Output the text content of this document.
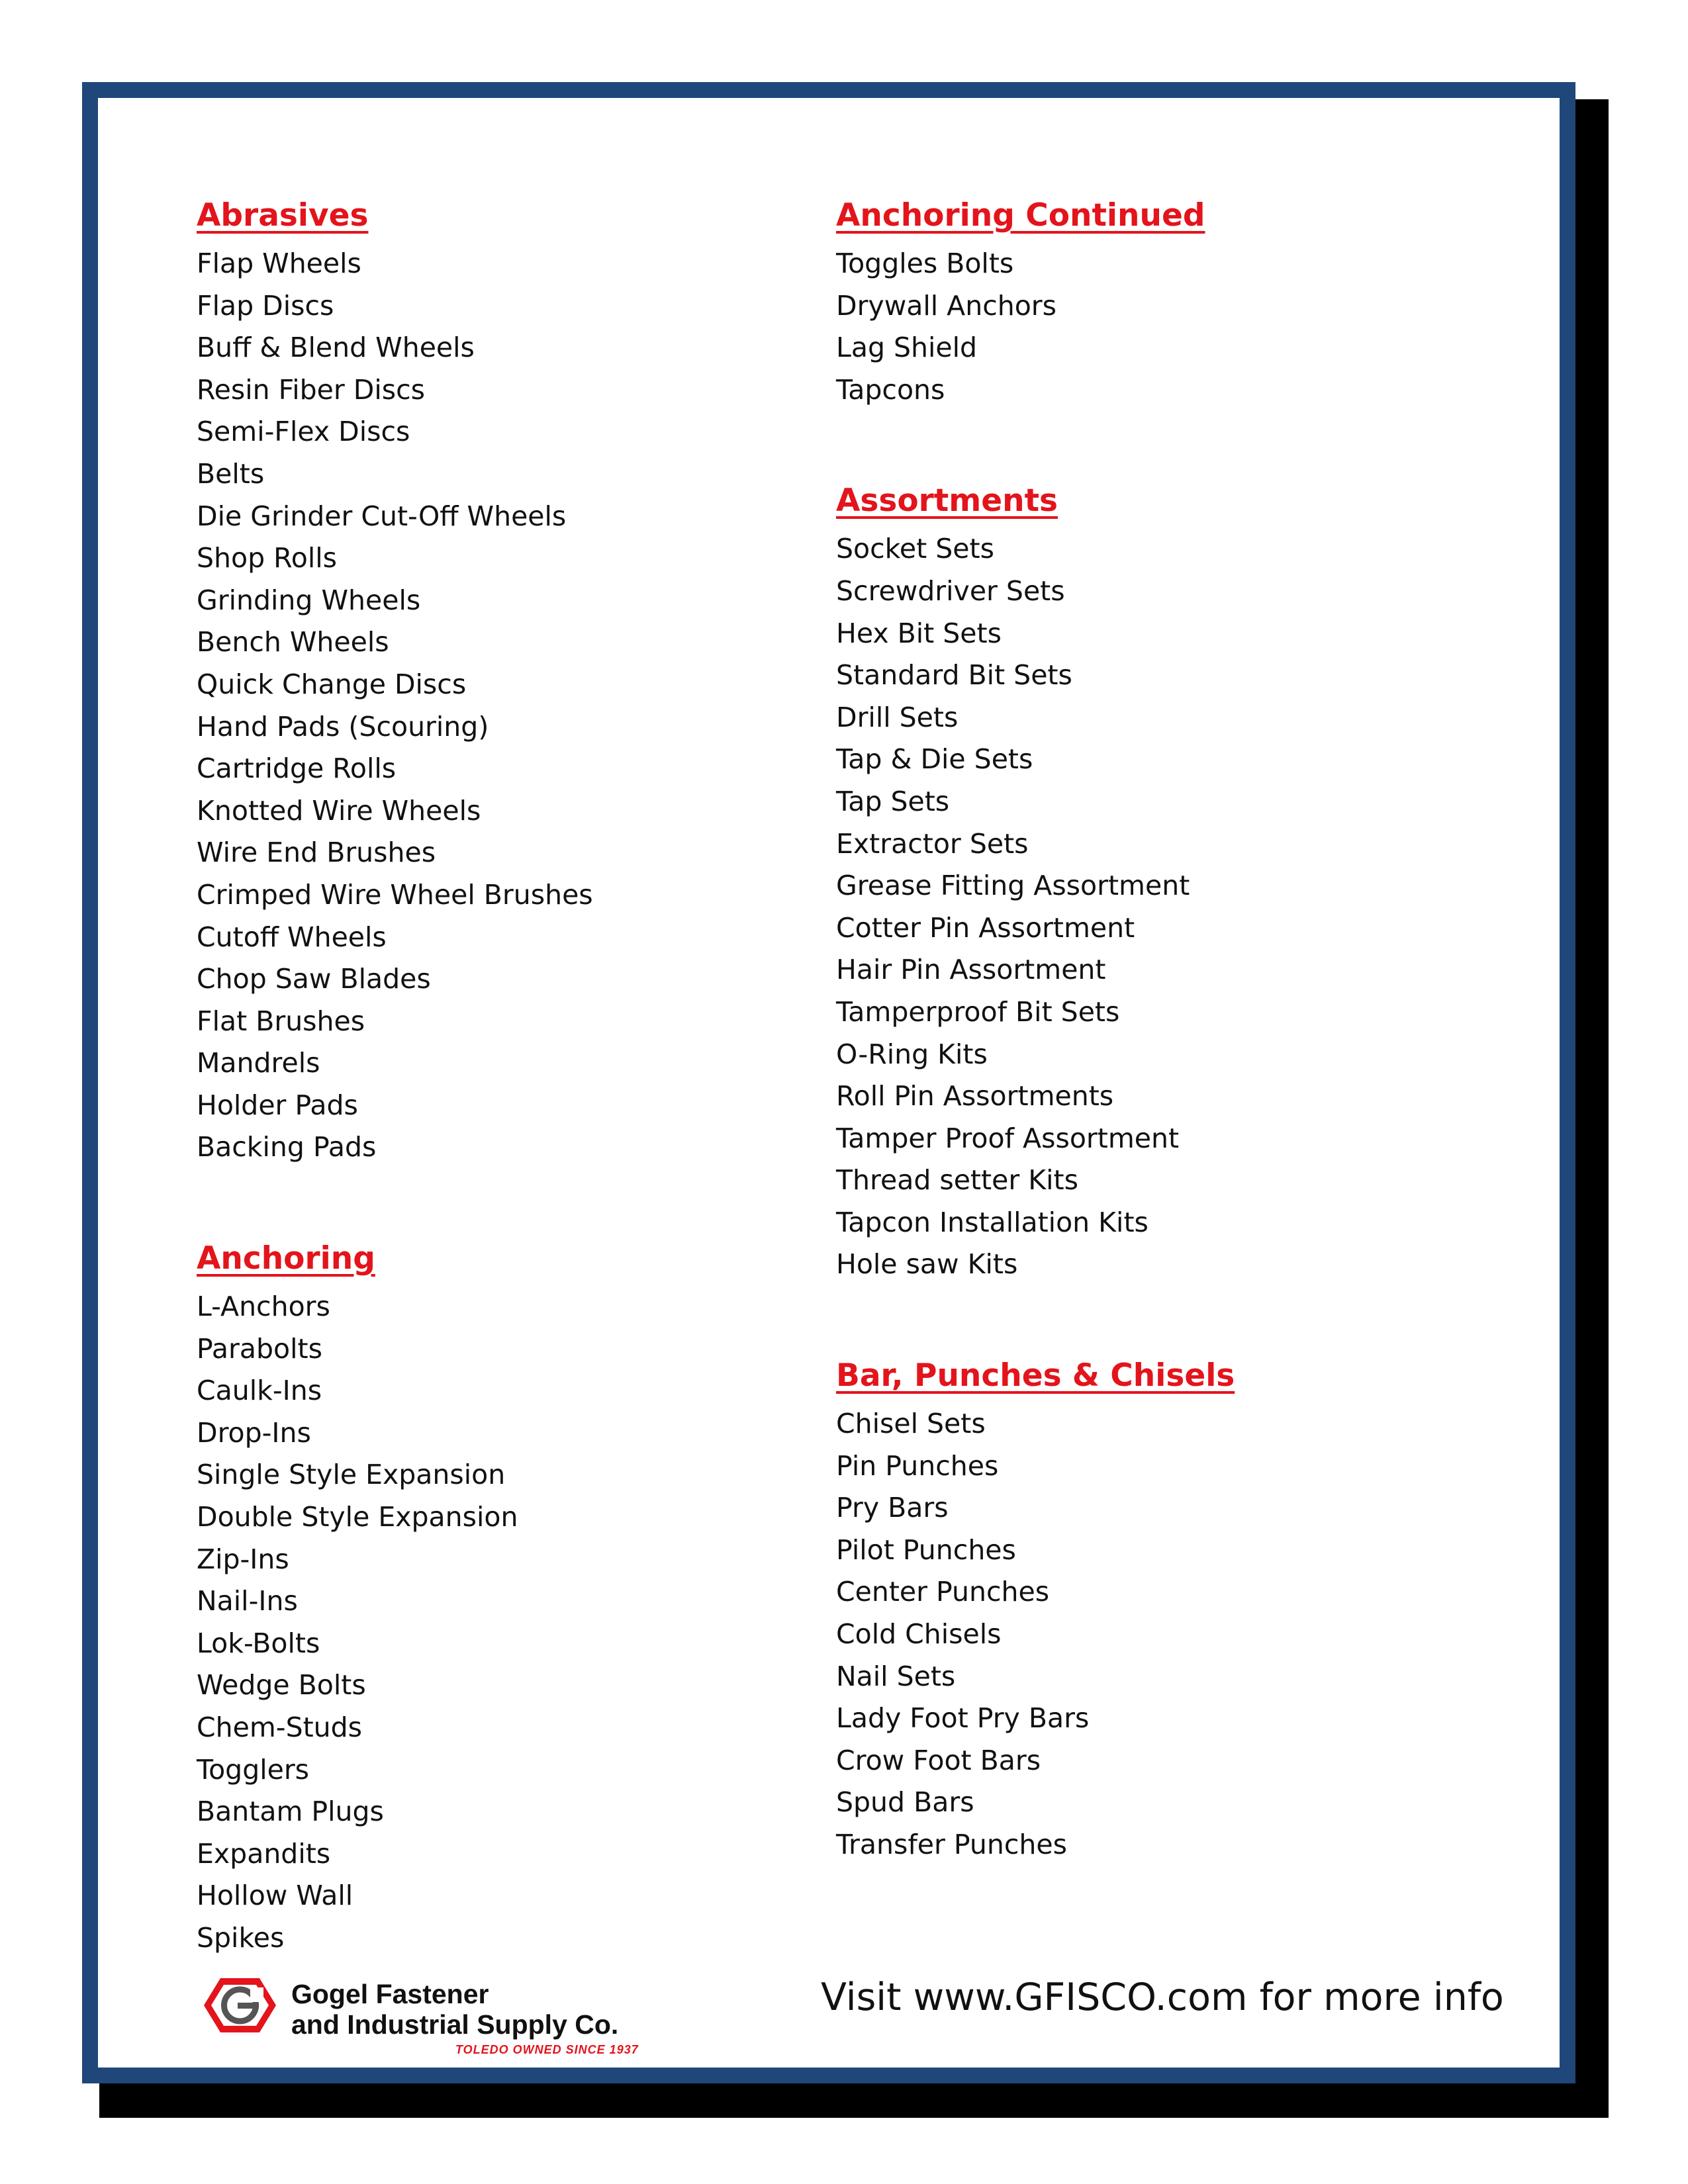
Abrasives
Flap Wheels
Flap Discs
Buff & Blend Wheels
Resin Fiber Discs
Semi-Flex Discs
Belts
Die Grinder Cut-Off Wheels
Shop Rolls
Grinding Wheels
Bench Wheels
Quick Change Discs
Hand Pads (Scouring)
Cartridge Rolls
Knotted Wire Wheels
Wire End Brushes
Crimped Wire Wheel Brushes
Cutoff Wheels
Chop Saw Blades
Flat Brushes
Mandrels
Holder Pads
Backing Pads
Anchoring
L-Anchors
Parabolts
Caulk-Ins
Drop-Ins
Single Style Expansion
Double Style Expansion
Zip-Ins
Nail-Ins
Lok-Bolts
Wedge Bolts
Chem-Studs
Togglers
Bantam Plugs
Expandits
Hollow Wall
Spikes
Anchoring Continued
Toggles Bolts
Drywall Anchors
Lag Shield
Tapcons
Assortments
Socket Sets
Screwdriver Sets
Hex Bit Sets
Standard Bit Sets
Drill Sets
Tap & Die Sets
Tap Sets
Extractor Sets
Grease Fitting Assortment
Cotter Pin Assortment
Hair Pin Assortment
Tamperproof Bit Sets
O-Ring Kits
Roll Pin Assortments
Tamper Proof Assortment
Thread setter Kits
Tapcon Installation Kits
Hole saw Kits
Bar, Punches & Chisels
Chisel Sets
Pin Punches
Pry Bars
Pilot Punches
Center Punches
Cold Chisels
Nail Sets
Lady Foot Pry Bars
Crow Foot Bars
Spud Bars
Transfer Punches
Gogel Fastener
and Industrial Supply Co.
TOLEDO OWNED SINCE 1937
Visit www.GFISCO.com for more info
